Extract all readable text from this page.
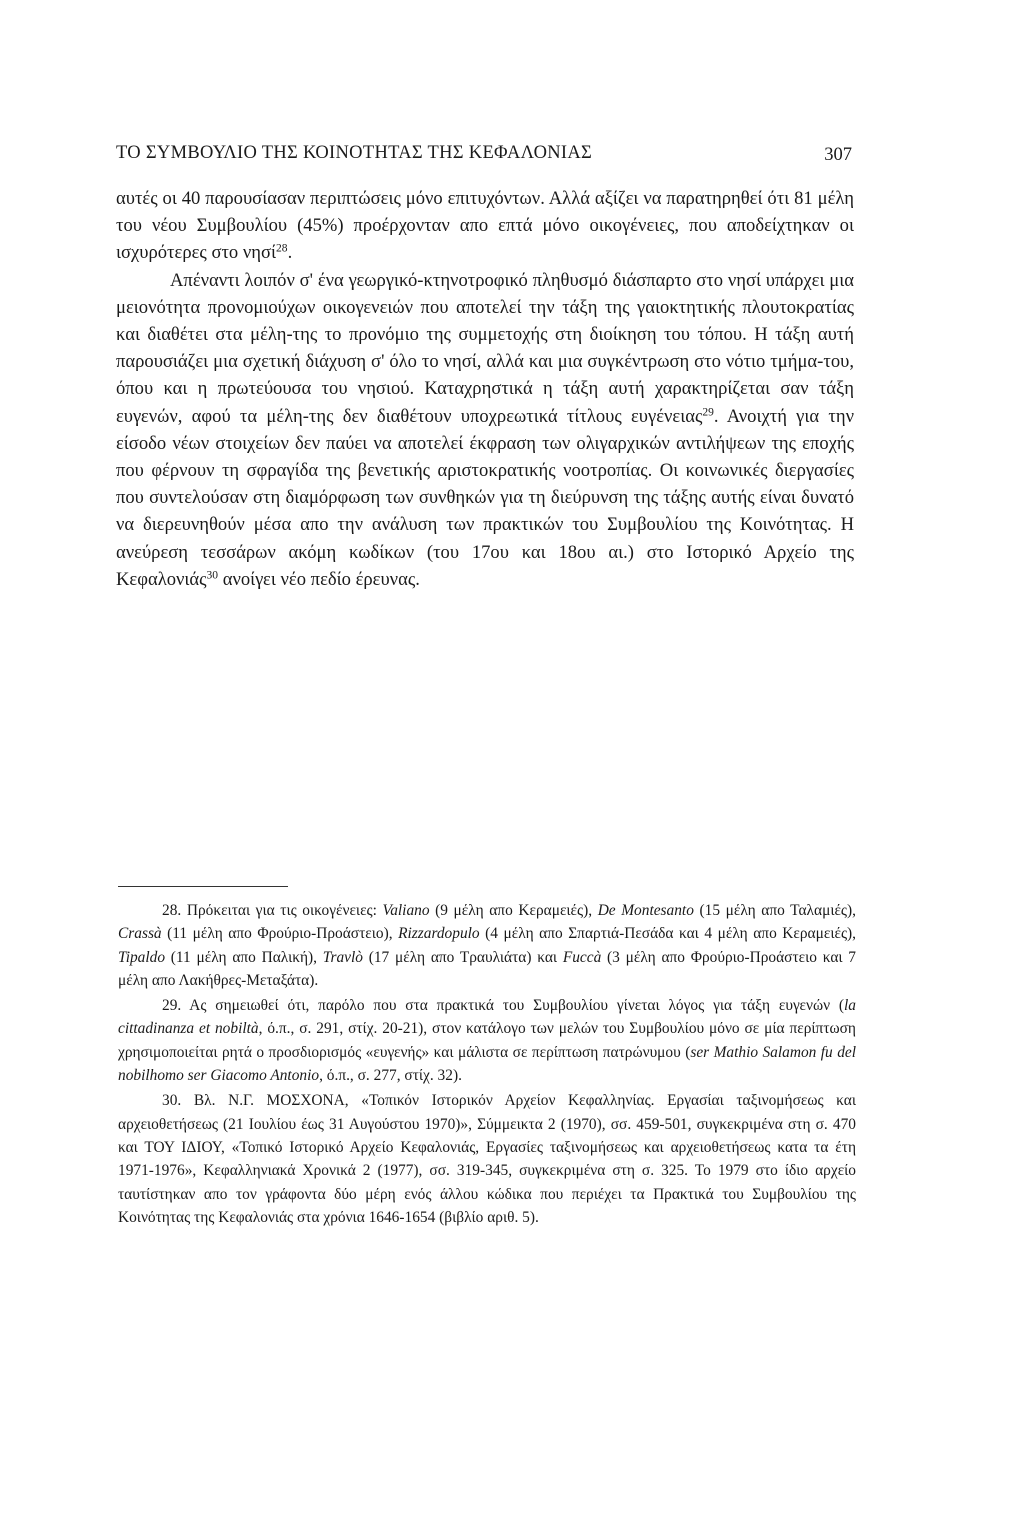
ΤΟ ΣΥΜΒΟΥΛΙΟ ΤΗΣ ΚΟΙΝΟΤΗΤΑΣ ΤΗΣ ΚΕΦΑΛΟΝΙΑΣ	307

αυτές οι 40 παρουσίασαν περιπτώσεις μόνο επιτυχόντων. Αλλά αξίζει να παρατηρηθεί ότι 81 μέλη του νέου Συμβουλίου (45%) προέρχονταν απο επτά μόνο οικογένειες, που αποδείχτηκαν οι ισχυρότερες στο νησί$^{28}$.

Απέναντι λοιπόν σ' ένα γεωργικό-κτηνοτροφικό πληθυσμό διάσπαρτο στο νησί υπάρχει μια μειονότητα προνομιούχων οικογενειών που αποτελεί την τάξη της γαιοκτητικής πλουτοκρατίας και διαθέτει στα μέλη-της το προνόμιο της συμμετοχής στη διοίκηση του τόπου. Η τάξη αυτή παρουσιάζει μια σχετική διάχυση σ' όλο το νησί, αλλά και μια συγκέντρωση στο νότιο τμήμα-του, όπου και η πρωτεύουσα του νησιού. Καταχρηστικά η τάξη αυτή χαρακτηρίζεται σαν τάξη ευγενών, αφού τα μέλη-της δεν διαθέτουν υποχρεωτικά τίτλους ευγένειας$^{29}$. Ανοιχτή για την είσοδο νέων στοιχείων δεν παύει να αποτελεί έκφραση των ολιγαρχικών αντιλήψεων της εποχής που φέρνουν τη σφραγίδα της βενετικής αριστοκρατικής νοοτροπίας. Οι κοινωνικές διεργασίες που συντελούσαν στη διαμόρφωση των συνθηκών για τη διεύρυνση της τάξης αυτής είναι δυνατό να διερευνηθούν μέσα απο την ανάλυση των πρακτικών του Συμβουλίου της Κοινότητας. Η ανεύρεση τεσσάρων ακόμη κωδίκων (του 17ου και 18ου αι.) στο Ιστορικό Αρχείο της Κεφαλονιάς$^{30}$ ανοίγει νέο πεδίο έρευνας.

28. Πρόκειται για τις οικογένειες: Valiano (9 μέλη απο Κεραμειές), De Montesanto (15 μέλη απο Ταλαμιές), Crassà (11 μέλη απο Φρούριο-Προάστειο), Rizzardopulo (4 μέλη απο Σπαρτιά-Πεσάδα και 4 μέλη απο Κεραμειές), Tipaldo (11 μέλη απο Παλική), Travlò (17 μέλη απο Τραυλιάτα) και Fuccà (3 μέλη απο Φρούριο-Προάστειο και 7 μέλη απο Λακήθρες-Μεταξάτα).

29. Ας σημειωθεί ότι, παρόλο που στα πρακτικά του Συμβουλίου γίνεται λόγος για τάξη ευγενών (la cittadinanza et nobiltà, ό.π., σ. 291, στίχ. 20-21), στον κατάλογο των μελών του Συμβουλίου μόνο σε μία περίπτωση χρησιμοποιείται ρητά ο προσδιορισμός «ευγενής» και μάλιστα σε περίπτωση πατρώνυμου (ser Mathio Salamon fu del nobilhomo ser Giacomo Antonio, ό.π., σ. 277, στίχ. 32).

30. Βλ. Ν.Γ. ΜΟΣΧΟΝΑ, «Τοπικόν Ιστορικόν Αρχείον Κεφαλληνίας. Εργασίαι ταξινομήσεως και αρχειοθετήσεως (21 Ιουλίου έως 31 Αυγούστου 1970)», Σύμμεικτα 2 (1970), σσ. 459-501, συγκεκριμένα στη σ. 470 και ΤΟΥ ΙΔΙΟΥ, «Τοπικό Ιστορικό Αρχείο Κεφαλονιάς, Εργασίες ταξινομήσεως και αρχειοθετήσεως κατα τα έτη 1971-1976», Κεφαλληνιακά Χρονικά 2 (1977), σσ. 319-345, συγκεκριμένα στη σ. 325. Το 1979 στο ίδιο αρχείο ταυτίστηκαν απο τον γράφοντα δύο μέρη ενός άλλου κώδικα που περιέχει τα Πρακτικά του Συμβουλίου της Κοινότητας της Κεφαλονιάς στα χρόνια 1646-1654 (βιβλίο αριθ. 5).
